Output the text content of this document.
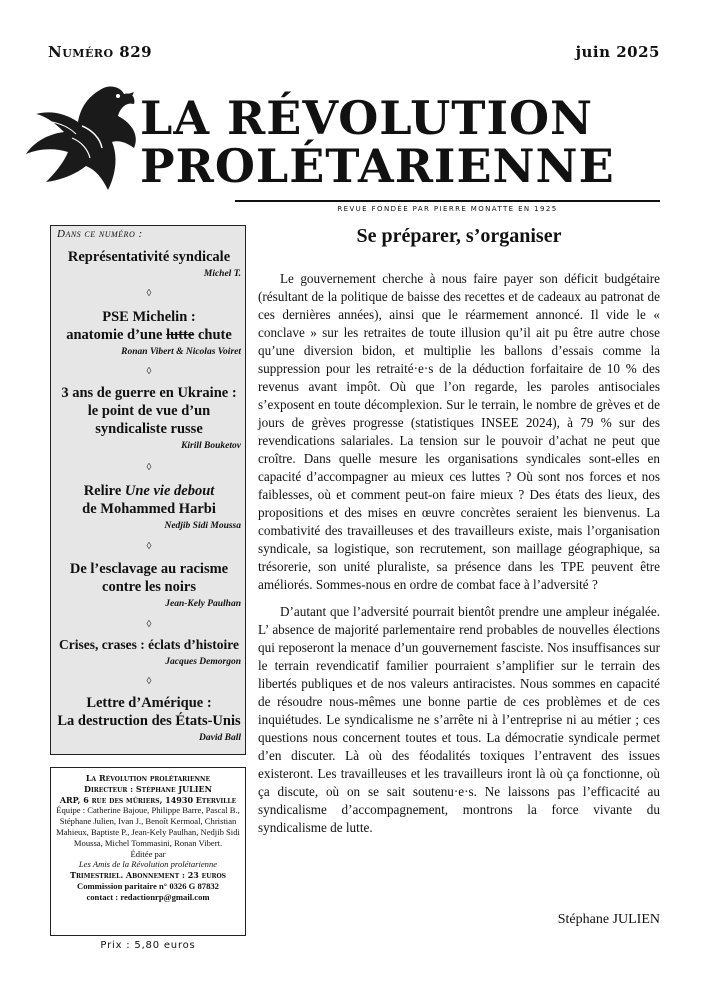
Numéro 829	juin 2025
LA RÉVOLUTION
PROLÉTARIENNE
REVUE FONDÉE PAR PIERRE MONATTE EN 1925
Dans ce numéro :
Représentativité syndicale
Michel T.
◊
PSE Michelin :
anatomie d’une lutte chute
Ronan Vibert & Nicolas Voiret
◊
3 ans de guerre en Ukraine :
le point de vue d’un
syndicaliste russe
Kirill Bouketov
◊
Relire Une vie debout
de Mohammed Harbi
Nedjib Sidi Moussa
◊
De l’esclavage au racisme
contre les noirs
Jean-Kely Paulhan
◊
Crises, crases : éclats d’histoire
Jacques Demorgon
◊
Lettre d’Amérique :
La destruction des États-Unis
David Ball
La Révolution prolétarienne
Directeur : Stéphane JULIEN
ARP, 6 rue des mûriers, 14930 Eterville
Équipe : Catherine Bajoue, Philippe Barre, Pascal B., Stéphane Julien, Ivan J., Benoît Kermoal, Christian Mahieux, Baptiste P., Jean-Kely Paulhan, Nedjib Sidi Moussa, Michel Tommasini, Ronan Vibert.
Éditée par
Les Amis de la Révolution prolétarienne
Trimestriel. Abonnement : 23 euros
Commission paritaire n° 0326 G 87832
contact : redactionrp@gmail.com
Prix : 5,80 euros
Se préparer, s’organiser

Le gouvernement cherche à nous faire payer son déficit budgétaire (résultant de la politique de baisse des recettes et de cadeaux au patronat de ces dernières années), ainsi que le réarmement annoncé. Il vide le « conclave » sur les retraites de toute illusion qu’il ait pu être autre chose qu’une diversion bidon, et multiplie les ballons d’essais comme la suppression pour les retraité·e·s de la déduction forfaitaire de 10 % des revenus avant impôt. Où que l’on regarde, les paroles antisociales s’exposent en toute décomplexion. Sur le terrain, le nombre de grèves et de jours de grèves progresse (statistiques INSEE 2024), à 79 % sur des revendications salariales. La tension sur le pouvoir d’achat ne peut que croître. Dans quelle mesure les organisations syndicales sont-elles en capacité d’accompagner au mieux ces luttes ? Où sont nos forces et nos faiblesses, où et comment peut-on faire mieux ? Des états des lieux, des propositions et des mises en œuvre concrètes seraient les bienvenus. La combativité des travailleuses et des travailleurs existe, mais l’organisation syndicale, sa logistique, son recrutement, son maillage géographique, sa trésorerie, son unité pluraliste, sa présence dans les TPE peuvent être améliorés. Sommes-nous en ordre de combat face à l’adversité ?

D’autant que l’adversité pourrait bientôt prendre une ampleur inégalée. L’ absence de majorité parlementaire rend probables de nouvelles élections qui reposeront la menace d’un gouvernement fasciste. Nos insuffisances sur le terrain revendicatif familier pourraient s’amplifier sur le terrain des libertés publiques et de nos valeurs antiracistes. Nous sommes en capacité de résoudre nous-mêmes une bonne partie de ces problèmes et de ces inquiétudes. Le syndicalisme ne s’arrête ni à l’entreprise ni au métier ; ces questions nous concernent toutes et tous. La démocratie syndicale permet d’en discuter. Là où des féodalités toxiques l’entravent des issues existeront. Les travailleuses et les travailleurs iront là où ça fonctionne, où ça discute, où on se sait soutenu·e·s. Ne laissons pas l’efficacité au syndicalisme d’accompagnement, montrons la force vivante du syndicalisme de lutte.

Stéphane JULIEN
